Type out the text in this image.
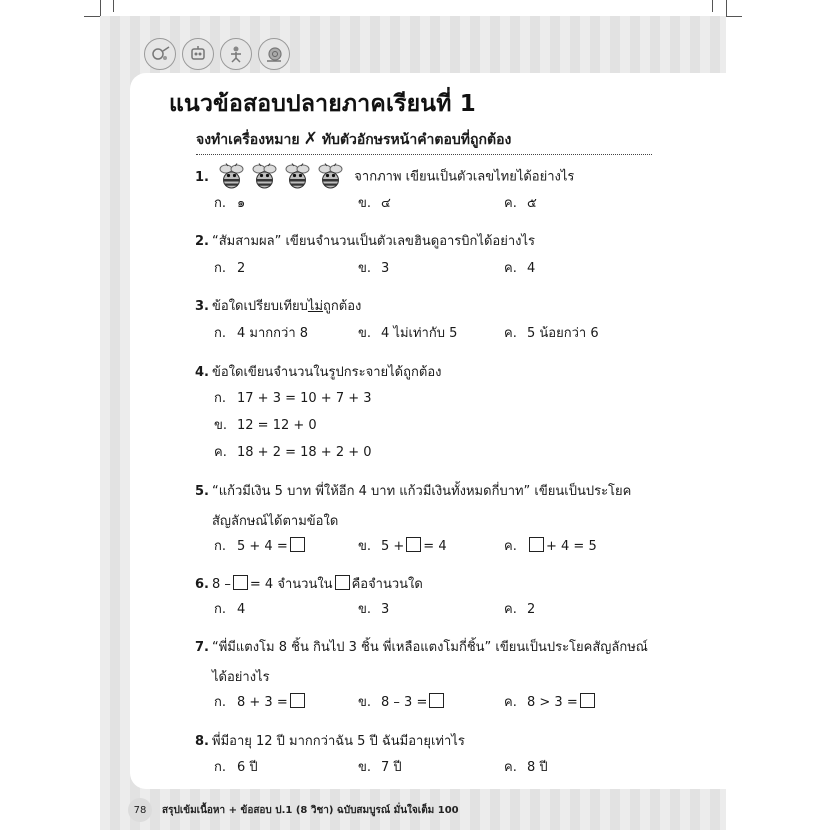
แนวข้อสอบปลายภาคเรียนที่ 1
จงทำเครื่องหมาย ✗ ทับตัวอักษรหน้าคำตอบที่ถูกต้อง
1.	จากภาพ เขียนเป็นตัวเลขไทยได้อย่างไร
ก. ๑	ข. ๔	ค. ๕
2. “สัมสามผล” เขียนจำนวนเป็นตัวเลขฮินดูอารบิกได้อย่างไร
ก. 2	ข. 3	ค. 4
3. ข้อใดเปรียบเทียบไม่ถูกต้อง
ก. 4 มากกว่า 8	ข. 4 ไม่เท่ากับ 5	ค. 5 น้อยกว่า 6
4. ข้อใดเขียนจำนวนในรูปกระจายได้ถูกต้อง
ก. 17 + 3 = 10 + 7 + 3
ข. 12 = 12 + 0
ค. 18 + 2 = 18 + 2 + 0
5. “แก้วมีเงิน 5 บาท พี่ให้อีก 4 บาท แก้วมีเงินทั้งหมดกี่บาท” เขียนเป็นประโยค
สัญลักษณ์ได้ตามข้อใด
ก. 5 + 4 =	ข. 5 + = 4	ค. + 4 = 5
6. 8 – = 4 จำนวนใน คือจำนวนใด
ก. 4	ข. 3	ค. 2
7. “พี่มีแตงโม 8 ชิ้น กินไป 3 ชิ้น พี่เหลือแตงโมกี่ชิ้น” เขียนเป็นประโยคสัญลักษณ์
ได้อย่างไร
ก. 8 + 3 =	ข. 8 – 3 =	ค. 8 > 3 =
8. พี่มีอายุ 12 ปี มากกว่าฉัน 5 ปี ฉันมีอายุเท่าไร
ก. 6 ปี	ข. 7 ปี	ค. 8 ปี
78	สรุปเข้มเนื้อหา + ข้อสอบ ป.1 (8 วิชา) ฉบับสมบูรณ์ มั่นใจเต็ม 100
